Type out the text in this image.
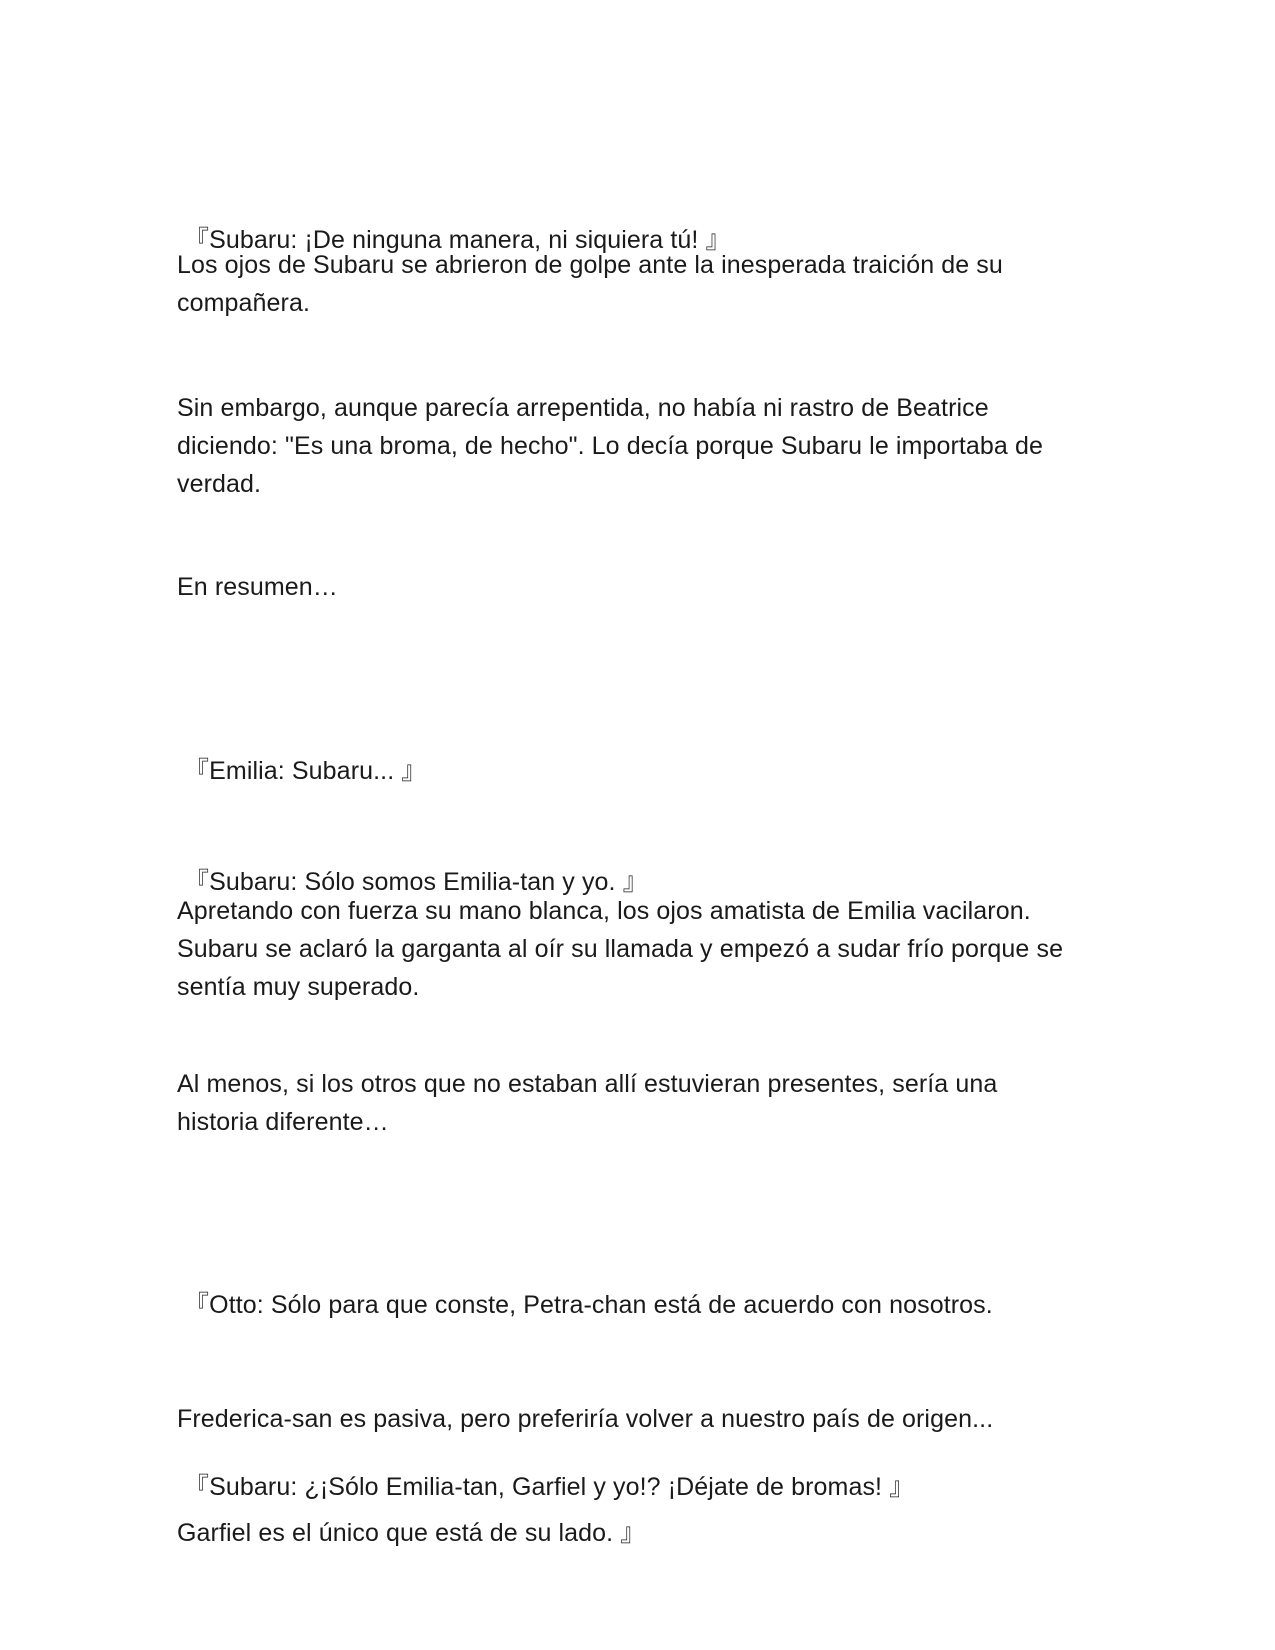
『Subaru: ¡De ninguna manera, ni siquiera tú! 』

Los ojos de Subaru se abrieron de golpe ante la inesperada traición de su
compañera.

Sin embargo, aunque parecía arrepentida, no había ni rastro de Beatrice
diciendo: "Es una broma, de hecho". Lo decía porque Subaru le importaba de
verdad.

En resumen…

『Emilia: Subaru... 』

『Subaru: Sólo somos Emilia-tan y yo. 』

Apretando con fuerza su mano blanca, los ojos amatista de Emilia vacilaron.
Subaru se aclaró la garganta al oír su llamada y empezó a sudar frío porque se
sentía muy superado.

Al menos, si los otros que no estaban allí estuvieran presentes, sería una
historia diferente…

『Otto: Sólo para que conste, Petra-chan está de acuerdo con nosotros.

Frederica-san es pasiva, pero preferiría volver a nuestro país de origen...

Garfiel es el único que está de su lado. 』

『Subaru: ¿¡Sólo Emilia-tan, Garfiel y yo!? ¡Déjate de bromas! 』
